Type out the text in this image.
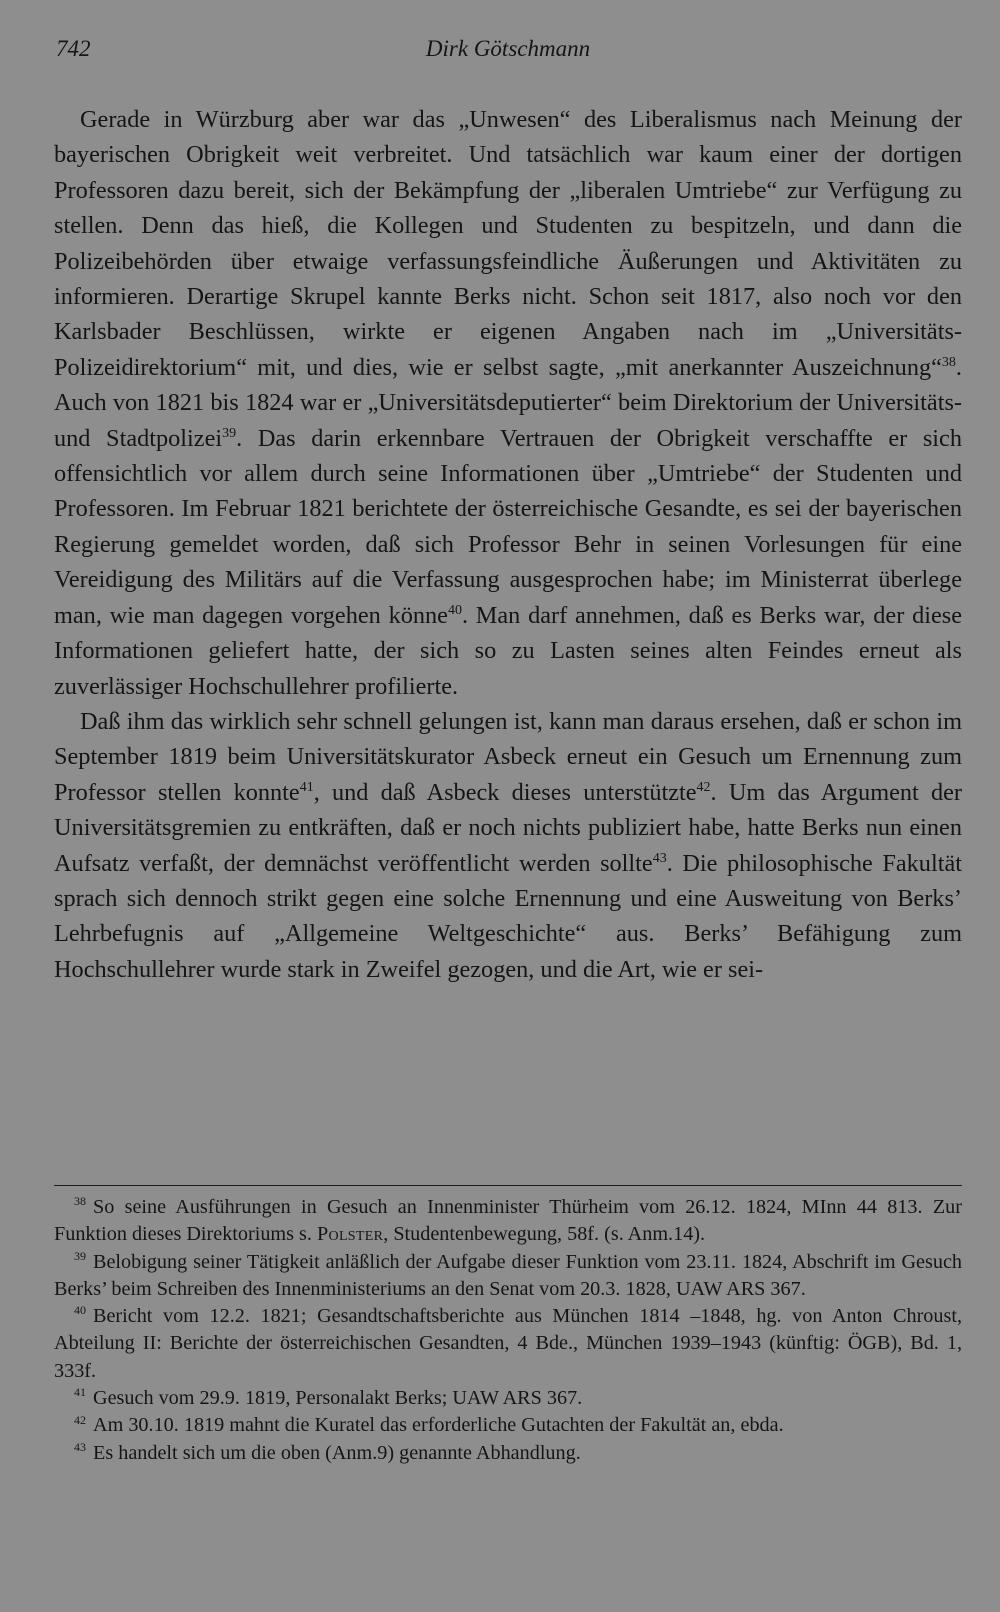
742	Dirk Götschmann

Gerade in Würzburg aber war das „Unwesen“ des Liberalismus nach Meinung der bayerischen Obrigkeit weit verbreitet. Und tatsächlich war kaum einer der dortigen Professoren dazu bereit, sich der Bekämpfung der „liberalen Umtriebe“ zur Verfügung zu stellen. Denn das hieß, die Kollegen und Studenten zu bespitzeln, und dann die Polizeibehörden über etwaige verfassungsfeindliche Äußerungen und Aktivitäten zu informieren. Derartige Skrupel kannte Berks nicht. Schon seit 1817, also noch vor den Karlsbader Beschlüssen, wirkte er eigenen Angaben nach im „Universitäts-Polizeidirektorium“ mit, und dies, wie er selbst sagte, „mit anerkannter Auszeichnung“$^{38}$. Auch von 1821 bis 1824 war er „Universitätsdeputierter“ beim Direktorium der Universitäts- und Stadtpolizei$^{39}$. Das darin erkennbare Vertrauen der Obrigkeit verschaffte er sich offensichtlich vor allem durch seine Informationen über „Umtriebe“ der Studenten und Professoren. Im Februar 1821 berichtete der österreichische Gesandte, es sei der bayerischen Regierung gemeldet worden, daß sich Professor Behr in seinen Vorlesungen für eine Vereidigung des Militärs auf die Verfassung ausgesprochen habe; im Ministerrat überlege man, wie man dagegen vorgehen könne$^{40}$. Man darf annehmen, daß es Berks war, der diese Informationen geliefert hatte, der sich so zu Lasten seines alten Feindes erneut als zuverlässiger Hochschullehrer profilierte.

Daß ihm das wirklich sehr schnell gelungen ist, kann man daraus ersehen, daß er schon im September 1819 beim Universitätskurator Asbeck erneut ein Gesuch um Ernennung zum Professor stellen konnte$^{41}$, und daß Asbeck dieses unterstützte$^{42}$. Um das Argument der Universitätsgremien zu entkräften, daß er noch nichts publiziert habe, hatte Berks nun einen Aufsatz verfaßt, der demnächst veröffentlicht werden sollte$^{43}$. Die philosophische Fakultät sprach sich dennoch strikt gegen eine solche Ernennung und eine Ausweitung von Berks’ Lehrbefugnis auf „Allgemeine Weltgeschichte“ aus. Berks’ Befähigung zum Hochschullehrer wurde stark in Zweifel gezogen, und die Art, wie er sei-

$^{38}$ So seine Ausführungen in Gesuch an Innenminister Thürheim vom 26.12. 1824, MInn 44 813. Zur Funktion dieses Direktoriums s. Polster, Studentenbewegung, 58f. (s. Anm.14).

$^{39}$ Belobigung seiner Tätigkeit anläßlich der Aufgabe dieser Funktion vom 23.11. 1824, Abschrift im Gesuch Berks’ beim Schreiben des Innenministeriums an den Senat vom 20.3. 1828, UAW ARS 367.

$^{40}$ Bericht vom 12.2. 1821; Gesandtschaftsberichte aus München 1814 –1848, hg. von Anton Chroust, Abteilung II: Berichte der österreichischen Gesandten, 4 Bde., München 1939–1943 (künftig: ÖGB), Bd. 1, 333f.

$^{41}$ Gesuch vom 29.9. 1819, Personalakt Berks; UAW ARS 367.

$^{42}$ Am 30.10. 1819 mahnt die Kuratel das erforderliche Gutachten der Fakultät an, ebda.

$^{43}$ Es handelt sich um die oben (Anm.9) genannte Abhandlung.
